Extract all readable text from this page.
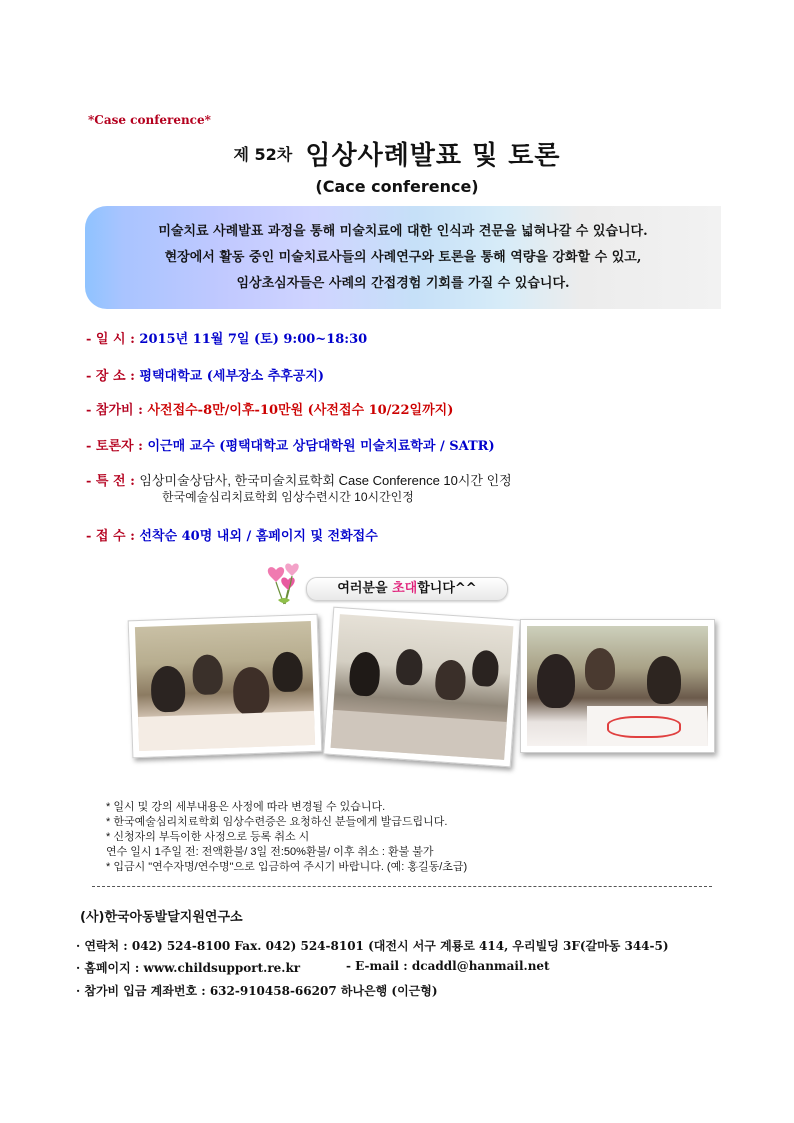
*Case conference*
제 52차 임상사례발표 및 토론
(Cace conference)
미술치료 사례발표 과정을 통해 미술치료에 대한 인식과 견문을 넓혀나갈 수 있습니다.
현장에서 활동 중인 미술치료사들의 사례연구와 토론을 통해 역량을 강화할 수 있고,
임상초심자들은 사례의 간접경험 기회를 가질 수 있습니다.
- 일 시 : 2015년 11월 7일 (토) 9:00~18:30
- 장 소 : 평택대학교 (세부장소 추후공지)
- 참가비 : 사전접수-8만/이후-10만원 (사전접수 10/22일까지)
- 토론자 : 이근매 교수 (평택대학교 상담대학원 미술치료학과 / SATR)
- 특 전 : 임상미술상담사, 한국미술치료학회 Case Conference 10시간 인정
한국예술심리치료학회 임상수련시간 10시간인정
- 접 수 : 선착순 40명 내외 / 홈페이지 및 전화접수
여러분을 초대합니다^^
* 일시 및 강의 세부내용은 사정에 따라 변경될 수 있습니다.
* 한국예술심리치료학회 임상수련증은 요청하신 분들에게 발급드립니다.
* 신청자의 부득이한 사정으로 등록 취소 시
연수 일시 1주일 전: 전액환불/ 3일 전:50%환불/ 이후 취소 : 환불 불가
* 입금시 "연수자명/연수명"으로 입금하여 주시기 바랍니다. (예: 홍길동/초급)
(사)한국아동발달지원연구소
· 연락처 : 042) 524-8100 Fax. 042) 524-8101 (대전시 서구 계룡로 414, 우리빌딩 3F(갈마동 344-5)
· 홈페이지 : www.childsupport.re.kr	- E-mail : dcaddl@hanmail.net
· 참가비 입금 계좌번호 : 632-910458-66207 하나은행 (이근형)
